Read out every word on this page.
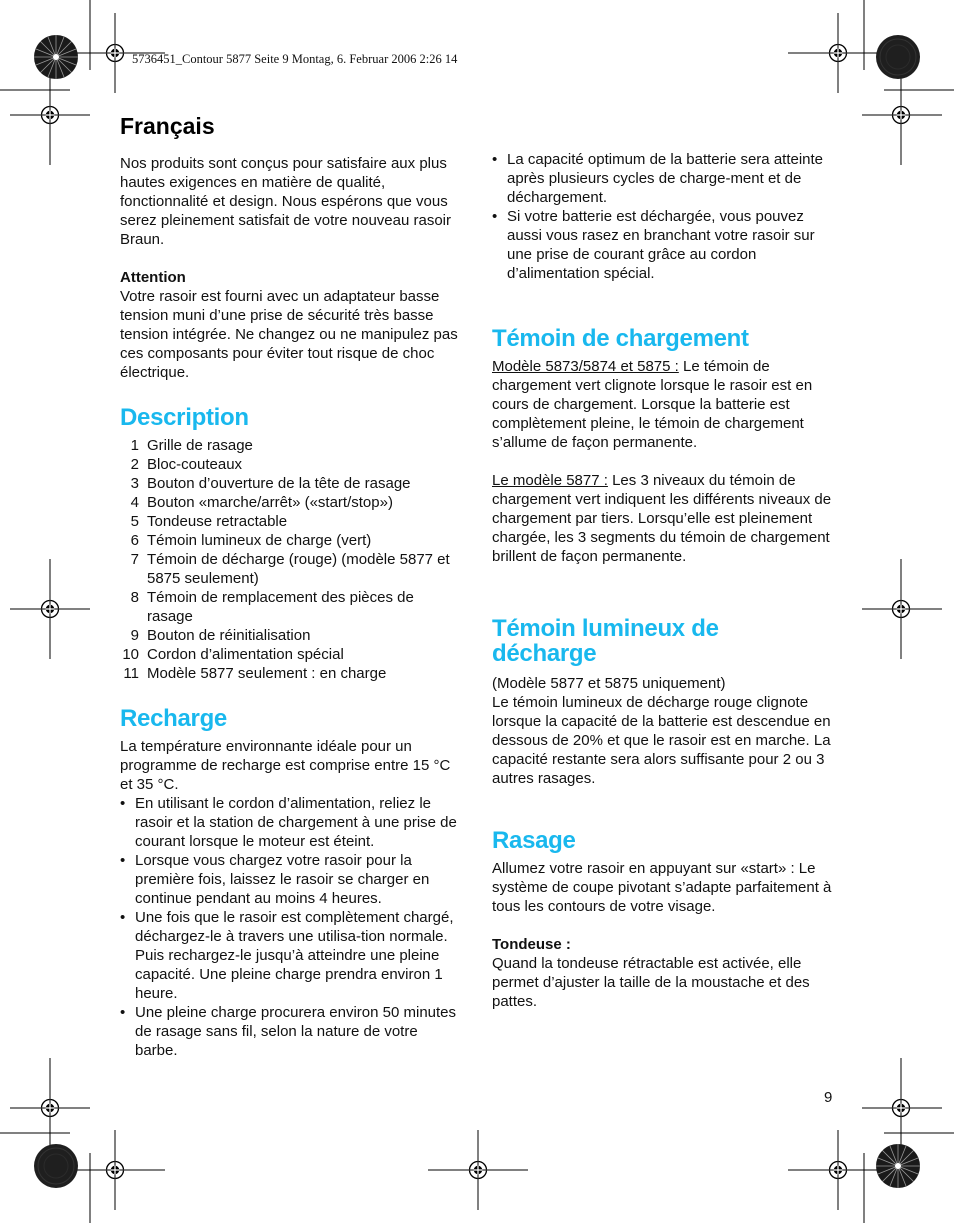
5736451_Contour 5877 Seite 9 Montag, 6. Februar 2006 2:26 14
Français

Nos produits sont conçus pour satisfaire aux plus hautes exigences en matière de qualité, fonctionnalité et design. Nous espérons que vous serez pleinement satisfait de votre nouveau rasoir Braun.

Attention

Votre rasoir est fourni avec un adaptateur basse tension muni d’une prise de sécurité très basse tension intégrée. Ne changez ou ne manipulez pas ces composants pour éviter tout risque de choc électrique.

Description
1 Grille de rasage
2 Bloc-couteaux
3 Bouton d’ouverture de la tête de rasage
4 Bouton «marche/arrêt» («start/stop»)
5 Tondeuse retractable
6 Témoin lumineux de charge (vert)
7 Témoin de décharge (rouge) (modèle 5877 et 5875 seulement)
8 Témoin de remplacement des pièces de rasage
9 Bouton de réinitialisation
10 Cordon d’alimentation spécial
11 Modèle 5877 seulement : en charge
Recharge

La température environnante idéale pour un programme de recharge est comprise entre 15 °C et 35 °C.

• En utilisant le cordon d’alimentation, reliez le rasoir et la station de chargement à une prise de courant lorsque le moteur est éteint.
• Lorsque vous chargez votre rasoir pour la première fois, laissez le rasoir se charger en continue pendant au moins 4 heures.
• Une fois que le rasoir est complètement chargé, déchargez-le à travers une utilisa-tion normale. Puis rechargez-le jusqu’à atteindre une pleine capacité. Une pleine charge prendra environ 1 heure.
• Une pleine charge procurera environ 50 minutes de rasage sans fil, selon la nature de votre barbe.
• La capacité optimum de la batterie sera atteinte après plusieurs cycles de charge-ment et de déchargement.
• Si votre batterie est déchargée, vous pouvez aussi vous rasez en branchant votre rasoir sur une prise de courant grâce au cordon d’alimentation spécial.
Témoin de chargement

Modèle 5873/5874 et 5875 : Le témoin de chargement vert clignote lorsque le rasoir est en cours de chargement. Lorsque la batterie est complètement pleine, le témoin de chargement s’allume de façon permanente.

Le modèle 5877 : Les 3 niveaux du témoin de chargement vert indiquent les différents niveaux de chargement par tiers. Lorsqu’elle est pleinement chargée, les 3 segments du témoin de chargement brillent de façon permanente.

Témoin lumineux de
décharge

(Modèle 5877 et 5875 uniquement)

Le témoin lumineux de décharge rouge clignote lorsque la capacité de la batterie est descendue en dessous de 20% et que le rasoir est en marche. La capacité restante sera alors suffisante pour 2 ou 3 autres rasages.

Rasage

Allumez votre rasoir en appuyant sur «start» : Le système de coupe pivotant s’adapte parfaitement à tous les contours de votre visage.

Tondeuse :

Quand la tondeuse rétractable est activée, elle permet d’ajuster la taille de la moustache et des pattes.

9
